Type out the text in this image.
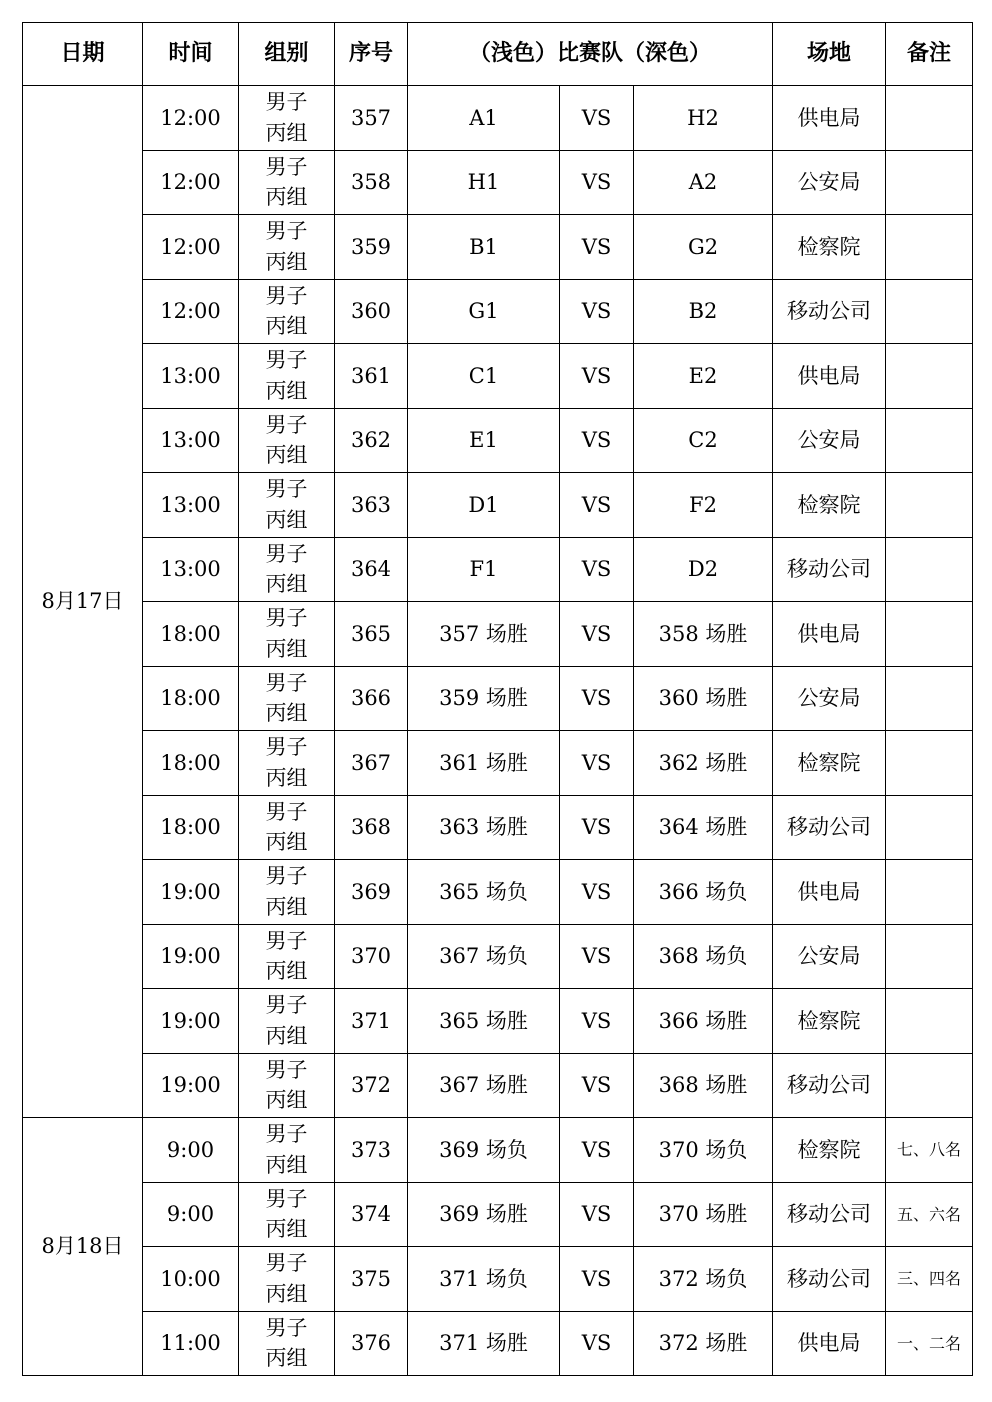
日期	时间	组别	序号	（浅色）比赛队（深色）			场地	备注
8月17日	12:00	男子
丙组	357	A1	VS	H2	供电局	
	12:00	男子
丙组	358	H1	VS	A2	公安局	
	12:00	男子
丙组	359	B1	VS	G2	检察院	
	12:00	男子
丙组	360	G1	VS	B2	移动公司	
	13:00	男子
丙组	361	C1	VS	E2	供电局	
	13:00	男子
丙组	362	E1	VS	C2	公安局	
	13:00	男子
丙组	363	D1	VS	F2	检察院	
	13:00	男子
丙组	364	F1	VS	D2	移动公司	
	18:00	男子
丙组	365	357 场胜	VS	358 场胜	供电局	
	18:00	男子
丙组	366	359 场胜	VS	360 场胜	公安局	
	18:00	男子
丙组	367	361 场胜	VS	362 场胜	检察院	
	18:00	男子
丙组	368	363 场胜	VS	364 场胜	移动公司	
	19:00	男子
丙组	369	365 场负	VS	366 场负	供电局	
	19:00	男子
丙组	370	367 场负	VS	368 场负	公安局	
	19:00	男子
丙组	371	365 场胜	VS	366 场胜	检察院	
	19:00	男子
丙组	372	367 场胜	VS	368 场胜	移动公司	
8月18日	9:00	男子
丙组	373	369 场负	VS	370 场负	检察院	七、八名
	9:00	男子
丙组	374	369 场胜	VS	370 场胜	移动公司	五、六名
	10:00	男子
丙组	375	371 场负	VS	372 场负	移动公司	三、四名
	11:00	男子
丙组	376	371 场胜	VS	372 场胜	供电局	一、二名
